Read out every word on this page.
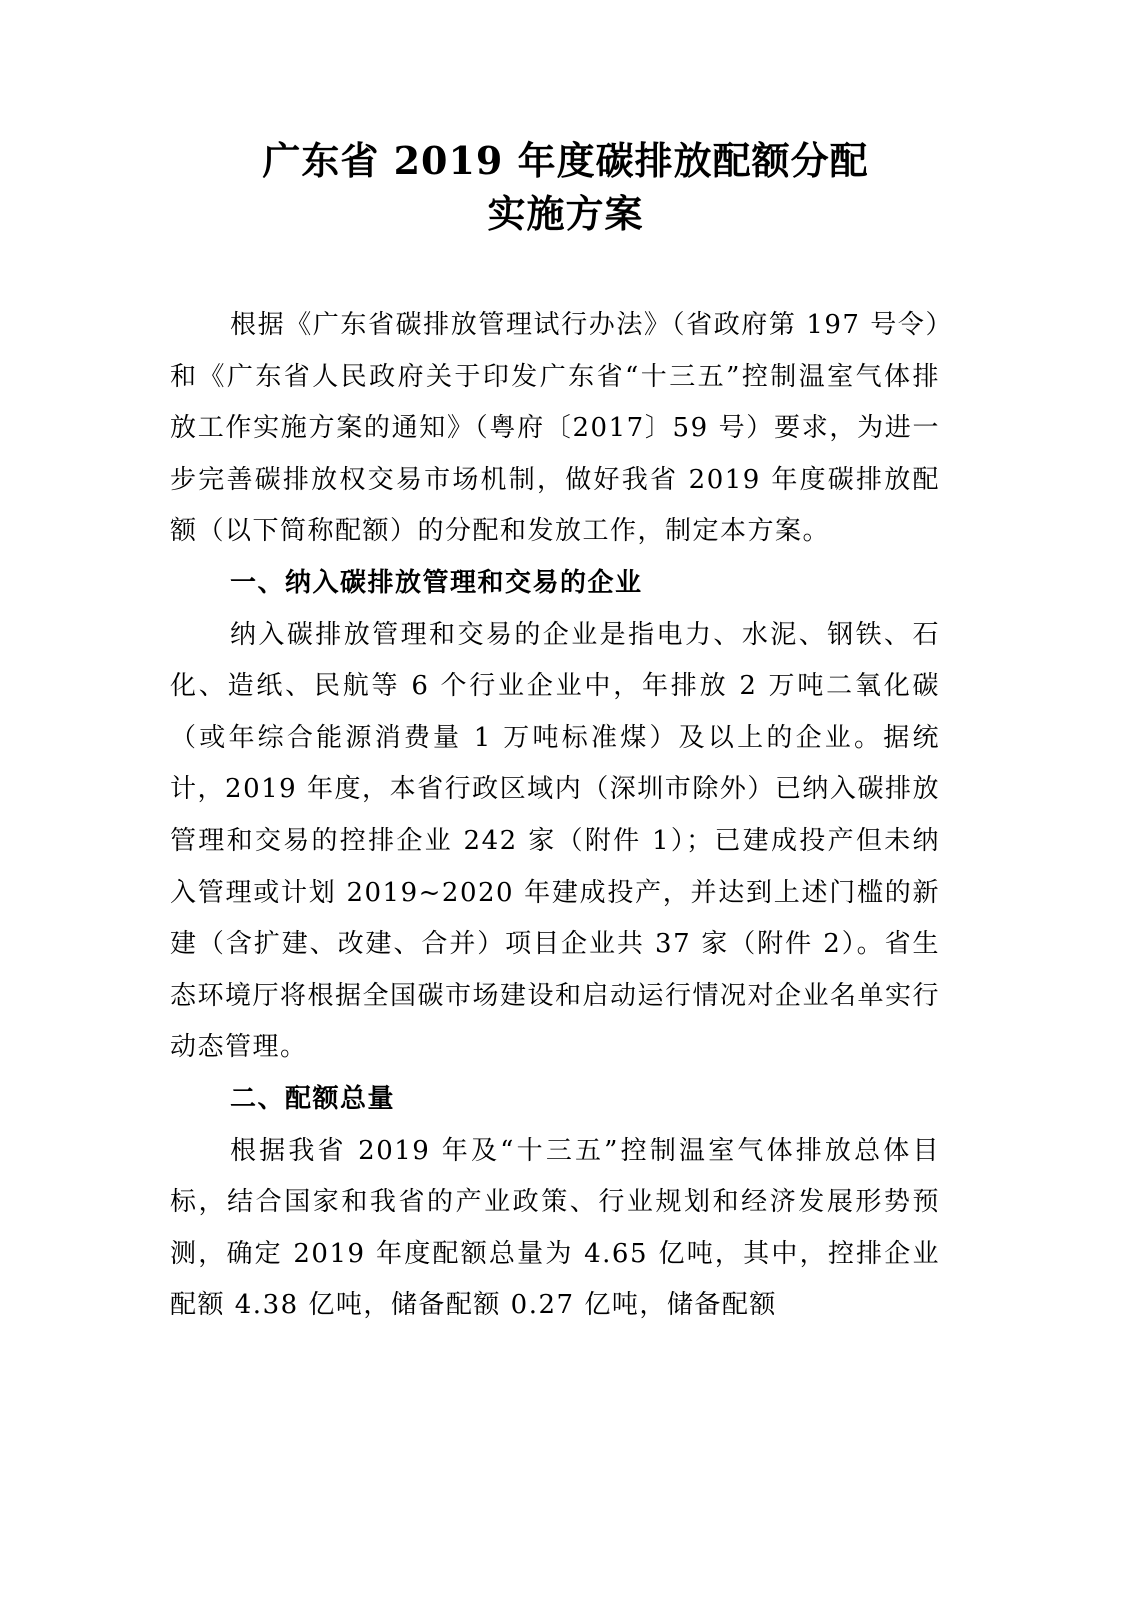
广东省 2019 年度碳排放配额分配
实施方案

根据《广东省碳排放管理试行办法》（省政府第 197 号令）和《广东省人民政府关于印发广东省“十三五”控制温室气体排放工作实施方案的通知》（粤府〔2017〕59 号）要求，为进一步完善碳排放权交易市场机制，做好我省 2019 年度碳排放配额（以下简称配额）的分配和发放工作，制定本方案。

一、纳入碳排放管理和交易的企业

纳入碳排放管理和交易的企业是指电力、水泥、钢铁、石化、造纸、民航等 6 个行业企业中，年排放 2 万吨二氧化碳（或年综合能源消费量 1 万吨标准煤）及以上的企业。据统计，2019 年度，本省行政区域内（深圳市除外）已纳入碳排放管理和交易的控排企业 242 家（附件 1）；已建成投产但未纳入管理或计划 2019~2020 年建成投产，并达到上述门槛的新建（含扩建、改建、合并）项目企业共 37 家（附件 2）。省生态环境厅将根据全国碳市场建设和启动运行情况对企业名单实行动态管理。

二、配额总量

根据我省 2019 年及“十三五”控制温室气体排放总体目标，结合国家和我省的产业政策、行业规划和经济发展形势预测，确定 2019 年度配额总量为 4.65 亿吨，其中，控排企业配额 4.38 亿吨，储备配额 0.27 亿吨，储备配额
